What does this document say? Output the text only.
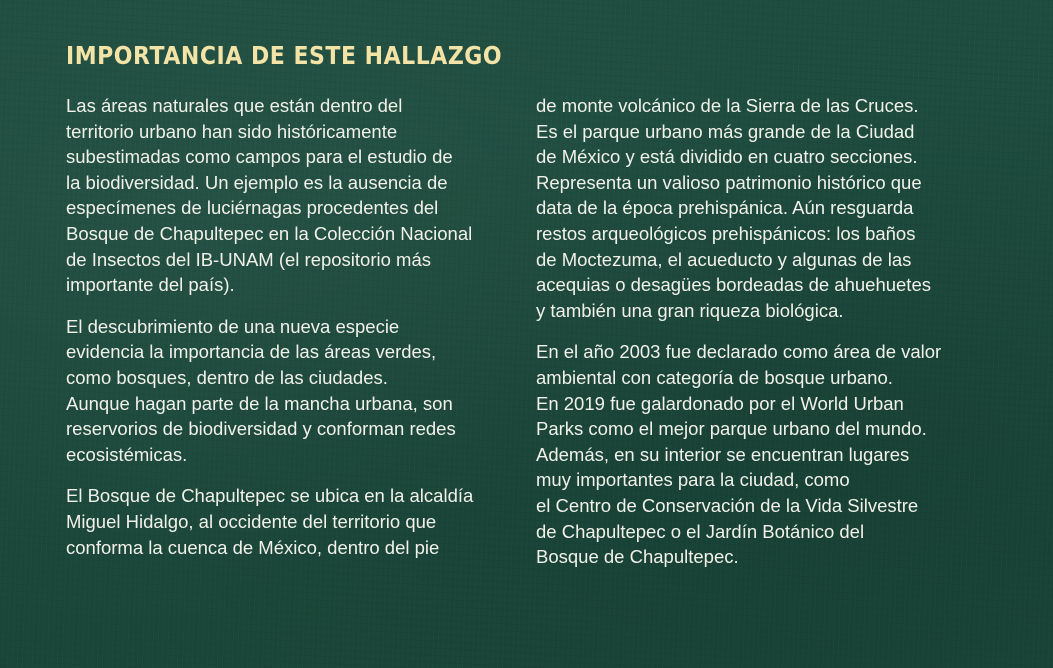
IMPORTANCIA DE ESTE HALLAZGO

Las áreas naturales que están dentro del
territorio urbano han sido históricamente
subestimadas como campos para el estudio de
la biodiversidad. Un ejemplo es la ausencia de
especímenes de luciérnagas procedentes del
Bosque de Chapultepec en la Colección Nacional
de Insectos del IB-UNAM (el repositorio más
importante del país).

El descubrimiento de una nueva especie
evidencia la importancia de las áreas verdes,
como bosques, dentro de las ciudades.
Aunque hagan parte de la mancha urbana, son
reservorios de biodiversidad y conforman redes
ecosistémicas.

El Bosque de Chapultepec se ubica en la alcaldía
Miguel Hidalgo, al occidente del territorio que
conforma la cuenca de México, dentro del pie

de monte volcánico de la Sierra de las Cruces.
Es el parque urbano más grande de la Ciudad
de México y está dividido en cuatro secciones.
Representa un valioso patrimonio histórico que
data de la época prehispánica. Aún resguarda
restos arqueológicos prehispánicos: los baños
de Moctezuma, el acueducto y algunas de las
acequias o desagües bordeadas de ahuehuetes
y también una gran riqueza biológica.

En el año 2003 fue declarado como área de valor
ambiental con categoría de bosque urbano.
En 2019 fue galardonado por el World Urban
Parks como el mejor parque urbano del mundo.
Además, en su interior se encuentran lugares
muy importantes para la ciudad, como
el Centro de Conservación de la Vida Silvestre
de Chapultepec o el Jardín Botánico del
Bosque de Chapultepec.
